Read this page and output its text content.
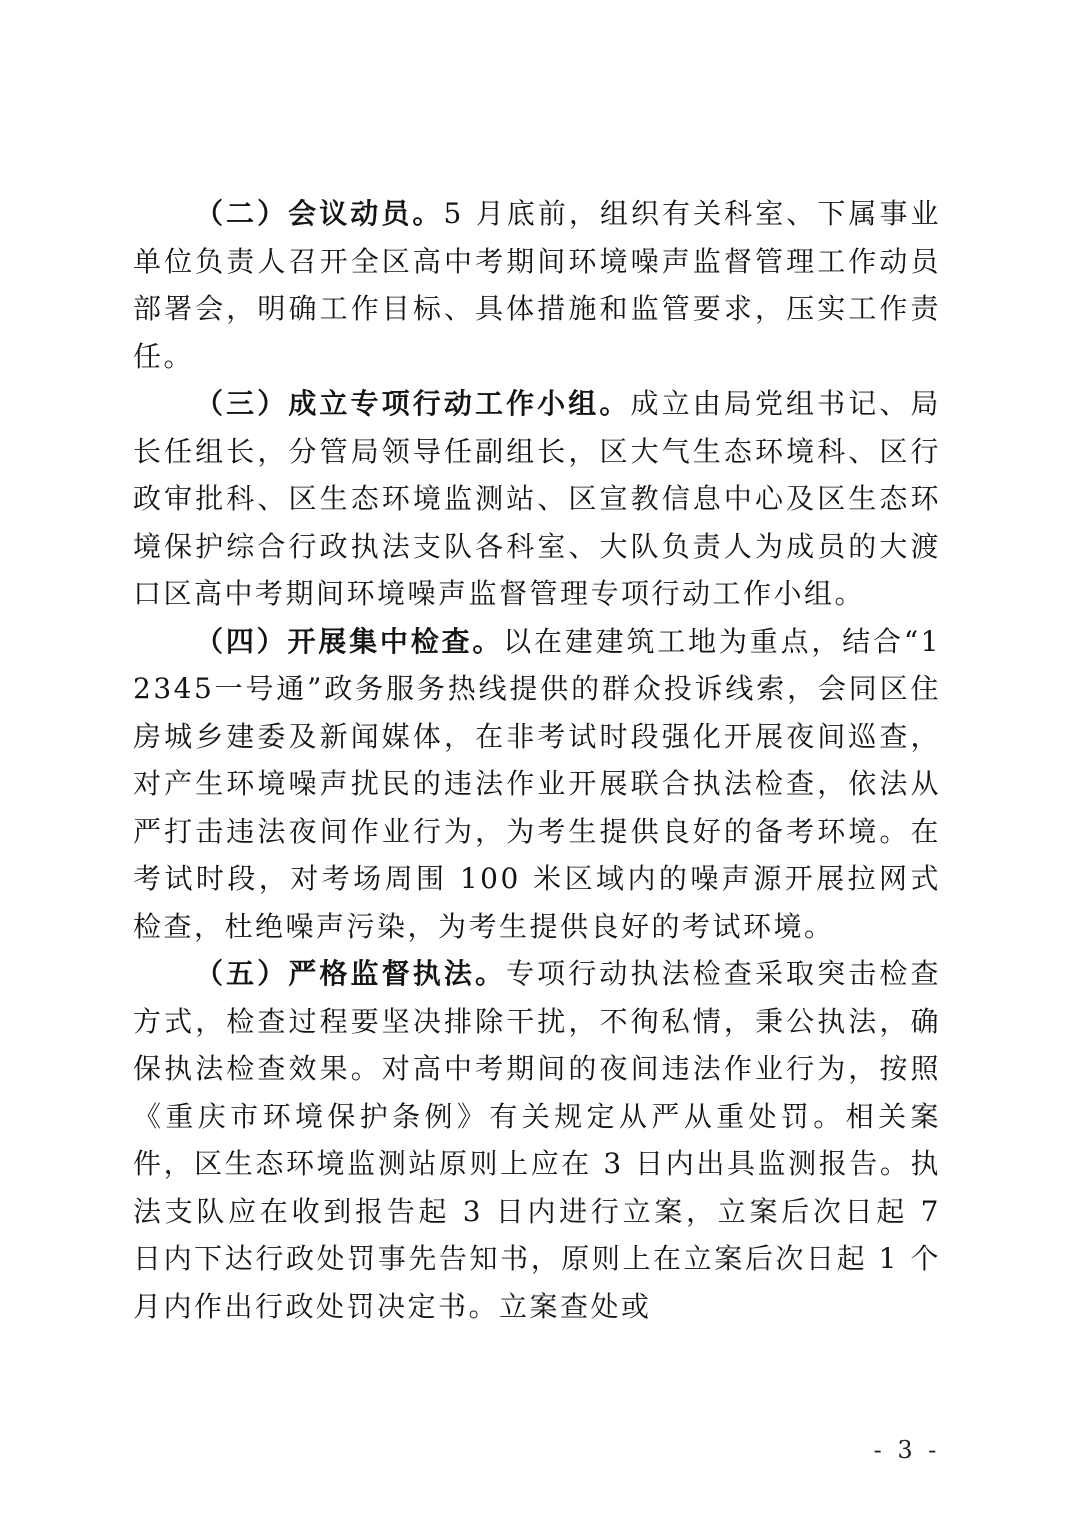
（二）会议动员。5 月底前，组织有关科室、下属事业单位负责人召开全区高中考期间环境噪声监督管理工作动员部署会，明确工作目标、具体措施和监管要求，压实工作责任。

（三）成立专项行动工作小组。成立由局党组书记、局长任组长，分管局领导任副组长，区大气生态环境科、区行政审批科、区生态环境监测站、区宣教信息中心及区生态环境保护综合行政执法支队各科室、大队负责人为成员的大渡口区高中考期间环境噪声监督管理专项行动工作小组。

（四）开展集中检查。以在建建筑工地为重点，结合“12345一号通”政务服务热线提供的群众投诉线索，会同区住房城乡建委及新闻媒体，在非考试时段强化开展夜间巡查，对产生环境噪声扰民的违法作业开展联合执法检查，依法从严打击违法夜间作业行为，为考生提供良好的备考环境。在考试时段，对考场周围 100 米区域内的噪声源开展拉网式检查，杜绝噪声污染，为考生提供良好的考试环境。

（五）严格监督执法。专项行动执法检查采取突击检查方式，检查过程要坚决排除干扰，不徇私情，秉公执法，确保执法检查效果。对高中考期间的夜间违法作业行为，按照《重庆市环境保护条例》有关规定从严从重处罚。相关案件，区生态环境监测站原则上应在 3 日内出具监测报告。执法支队应在收到报告起 3 日内进行立案，立案后次日起 7 日内下达行政处罚事先告知书，原则上在立案后次日起 1 个月内作出行政处罚决定书。立案查处或

- 3 -
